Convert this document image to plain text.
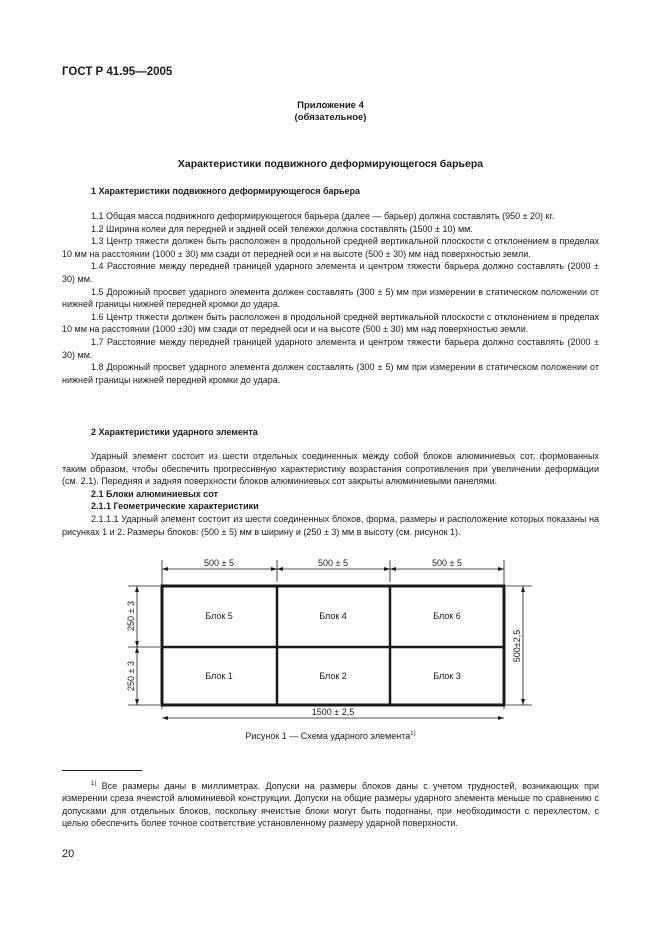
ГОСТ Р 41.95—2005
Приложение 4
(обязательное)
Характеристики подвижного деформирующегося барьера
1 Характеристики подвижного деформирующегося барьера

1.1 Общая масса подвижного деформирующегося барьера (далее — барьер) должна составлять (950 ± 20) кг.

1.2 Ширина колеи для передней и задней осей тележки должна составлять (1500 ± 10) мм.

1.3 Центр тяжести должен быть расположен в продольной средней вертикальной плоскости с отклонением в пределах 10 мм на расстоянии (1000 ± 30) мм сзади от передней оси и на высоте (500 ± 30) мм над поверхностью земли.

1.4 Расстояние между передней границей ударного элемента и центром тяжести барьера должно составлять (2000 ± 30) мм.

1.5 Дорожный просвет ударного элемента должен составлять (300 ± 5) мм при измерении в статическом положении от нижней границы нижней передней кромки до удара.

1.6 Центр тяжести должен быть расположен в продольной средней вертикальной плоскости с отклонением в пределах 10 мм на расстоянии (1000 ±30) мм сзади от передней оси и на высоте (500 ± 30) мм над поверхностью земли.

1.7 Расстояние между передней границей ударного элемента и центром тяжести барьера должно составлять (2000 ± 30) мм.

1.8 Дорожный просвет ударного элемента должен составлять (300 ± 5) мм при измерении в статическом положении от нижней границы нижней передней кромки до удара.

2 Характеристики ударного элемента

Ударный элемент состоит из шести отдельных соединенных между собой блоков алюминиевых сот, формованных таким образом, чтобы обеспечить прогрессивную характеристику возрастания сопротивления при увеличении деформации (см. 2.1). Передняя и задняя поверхности блоков алюминиевых сот закрыты алюминиевыми панелями.

2.1 Блоки алюминиевых сот

2.1.1 Геометрические характеристики

2.1.1.1 Ударный элемент состоит из шести соединенных блоков, форма, размеры и расположение которых показаны на рисунках 1 и 2. Размеры блоков: (500 ± 5) мм в ширину и (250 ± 3) мм в высоту (см. рисунок 1).

500 ± 5	500 ± 5	500 ± 5
250 ± 3
250 ± 3
500±2,5
1500 ± 2,5
Блок 5	Блок 4	Блок 6
Блок 1	Блок 2	Блок 3
Рисунок 1 — Схема ударного элемента$^{1)}$

$^{1)}$ Все размеры даны в миллиметрах. Допуски на размеры блоков даны с учетом трудностей, возникающих при измерении среза ячеистой алюминиевой конструкции. Допуски на общие размеры ударного элемента меньше по сравнению с допусками для отдельных блоков, поскольку ячеистые блоки могут быть подогнаны, при необходимости с перехлестом, с целью обеспечить более точное соответствие установленному размеру ударной поверхности.

20
